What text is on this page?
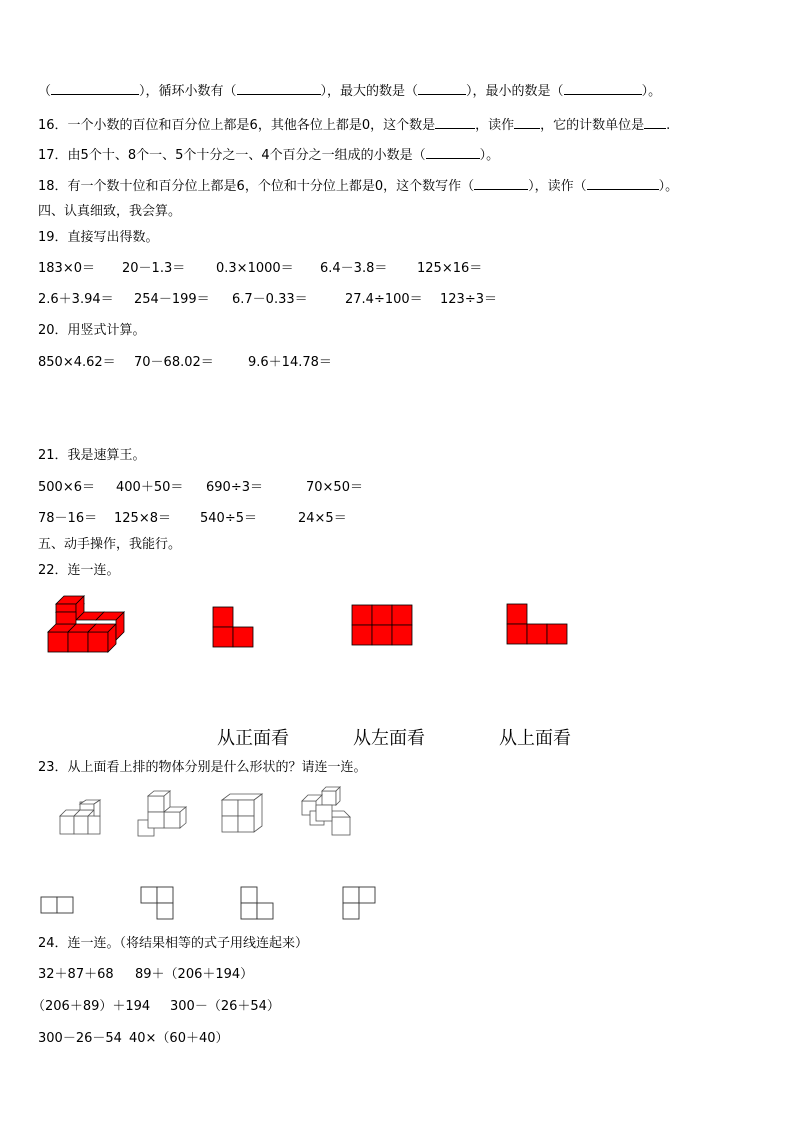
（	），循环小数有（	），最大的数是（	），最小的数是（	）。
16．一个小数的百位和百分位上都是6，其他各位上都是0，这个数是	，读作 ，它的计数单位是 .
17．由5个十、8个一、5个十分之一、4个百分之一组成的小数是（	）。
18．有一个数十位和百分位上都是6，个位和十分位上都是0，这个数写作（	），读作（	）。
四、认真细致，我会算。
19．直接写出得数。
183×0＝ 20－1.3＝ 0.3×1000＝ 6.4－3.8＝ 125×16＝
2.6＋3.94＝ 254－199＝ 6.7－0.33＝	27.4÷100＝ 123÷3＝
20．用竖式计算。
850×4.62＝ 70－68.02＝	9.6＋14.78＝
21．我是速算王。
500×6＝ 400＋50＝ 690÷3＝	70×50＝
78－16＝ 125×8＝ 540÷5＝	24×5＝
五、动手操作，我能行。
22．连一连。
从正面看	从左面看	从上面看
23．从上面看上排的物体分别是什么形状的？请连一连。
24．连一连。（将结果相等的式子用线连起来）
32＋87＋68 89＋（206＋194）
（206＋89）＋194 300－（26＋54）
300－26－54 40×（60＋40）
